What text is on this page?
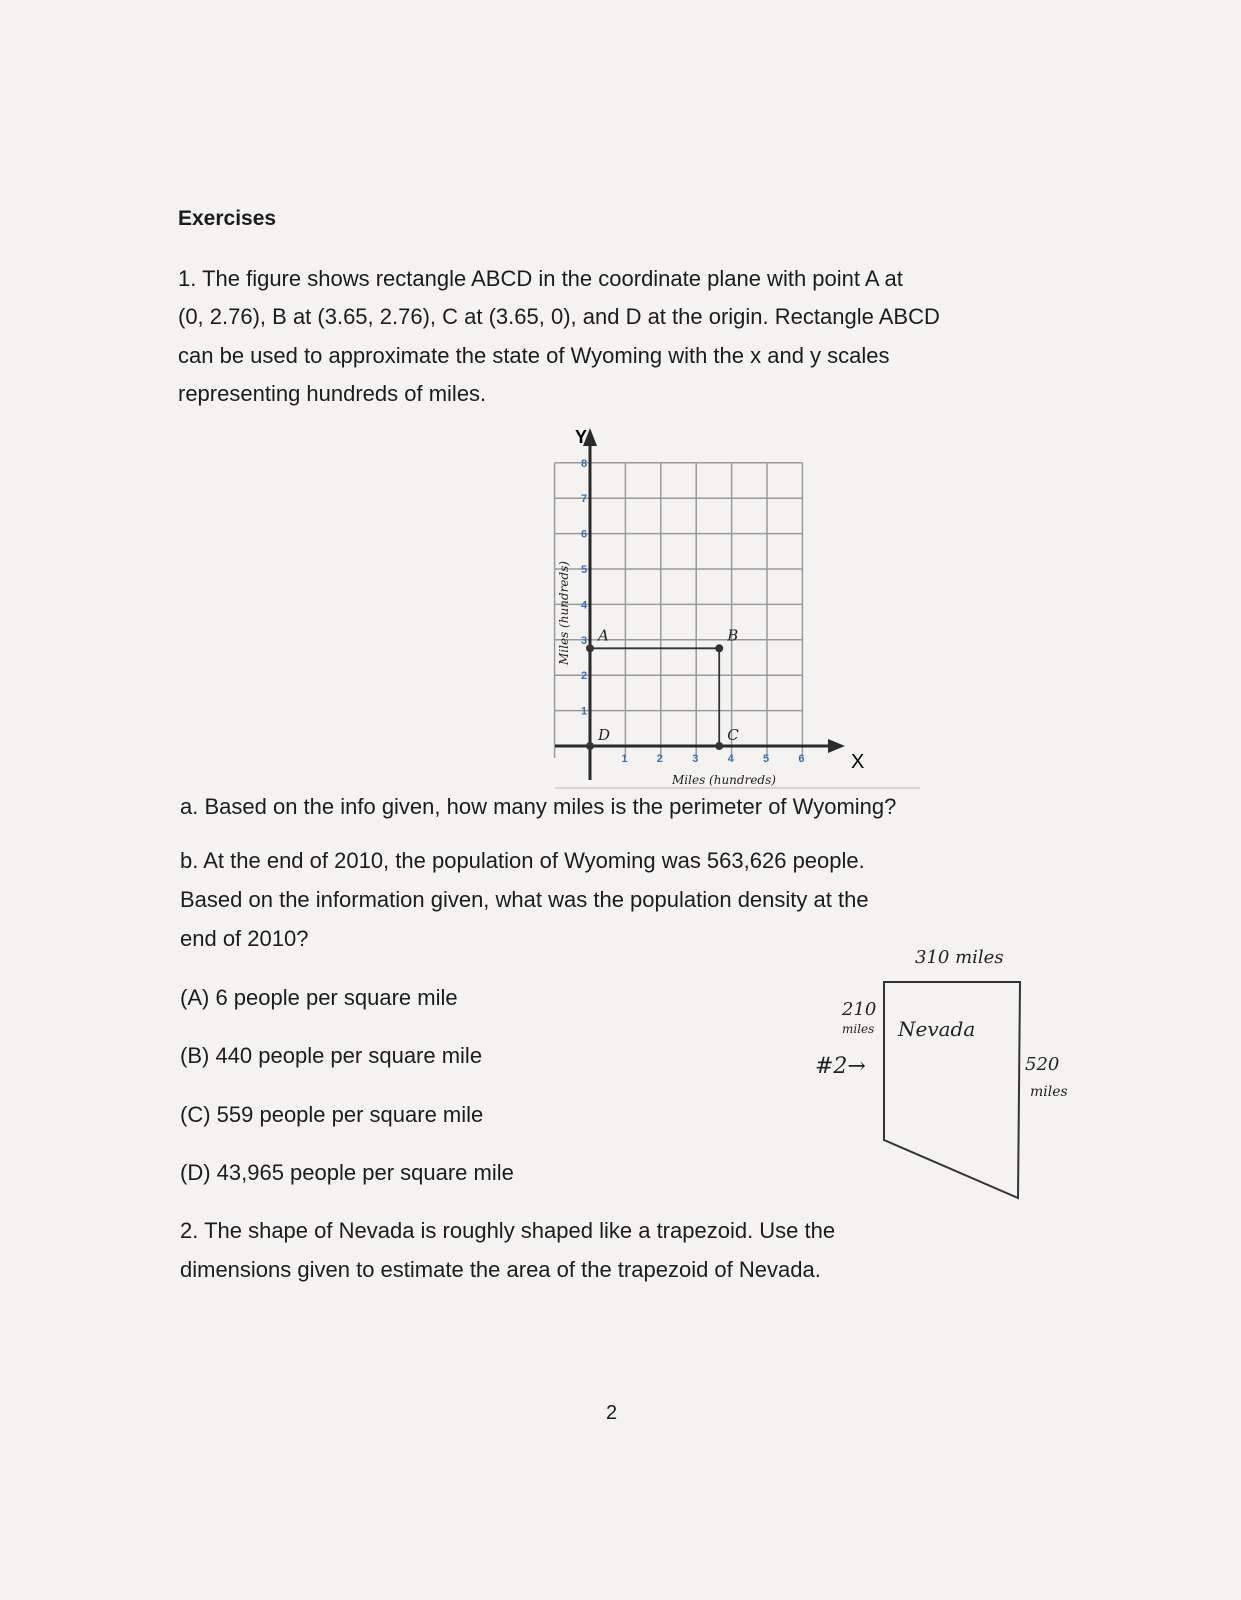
Exercises
1. The figure shows rectangle ABCD in the coordinate plane with point A at
(0, 2.76), B at (3.65, 2.76), C at (3.65, 0), and D at the origin. Rectangle ABCD
can be used to approximate the state of Wyoming with the x and y scales
representing hundreds of miles.
1	2	3	4	5	6
1
2
3
4
5
6
7
8
Y
X
Miles (hundreds)
Miles (hundreds) A	B
C
D
310 miles
210
miles
520
miles
Nevada
#2→
a. Based on the info given, how many miles is the perimeter of Wyoming?
b. At the end of 2010, the population of Wyoming was 563,626 people.
Based on the information given, what was the population density at the
end of 2010?
(A) 6 people per square mile
(B) 440 people per square mile
(C) 559 people per square mile
(D) 43,965 people per square mile
2. The shape of Nevada is roughly shaped like a trapezoid. Use the
dimensions given to estimate the area of the trapezoid of Nevada.
2
